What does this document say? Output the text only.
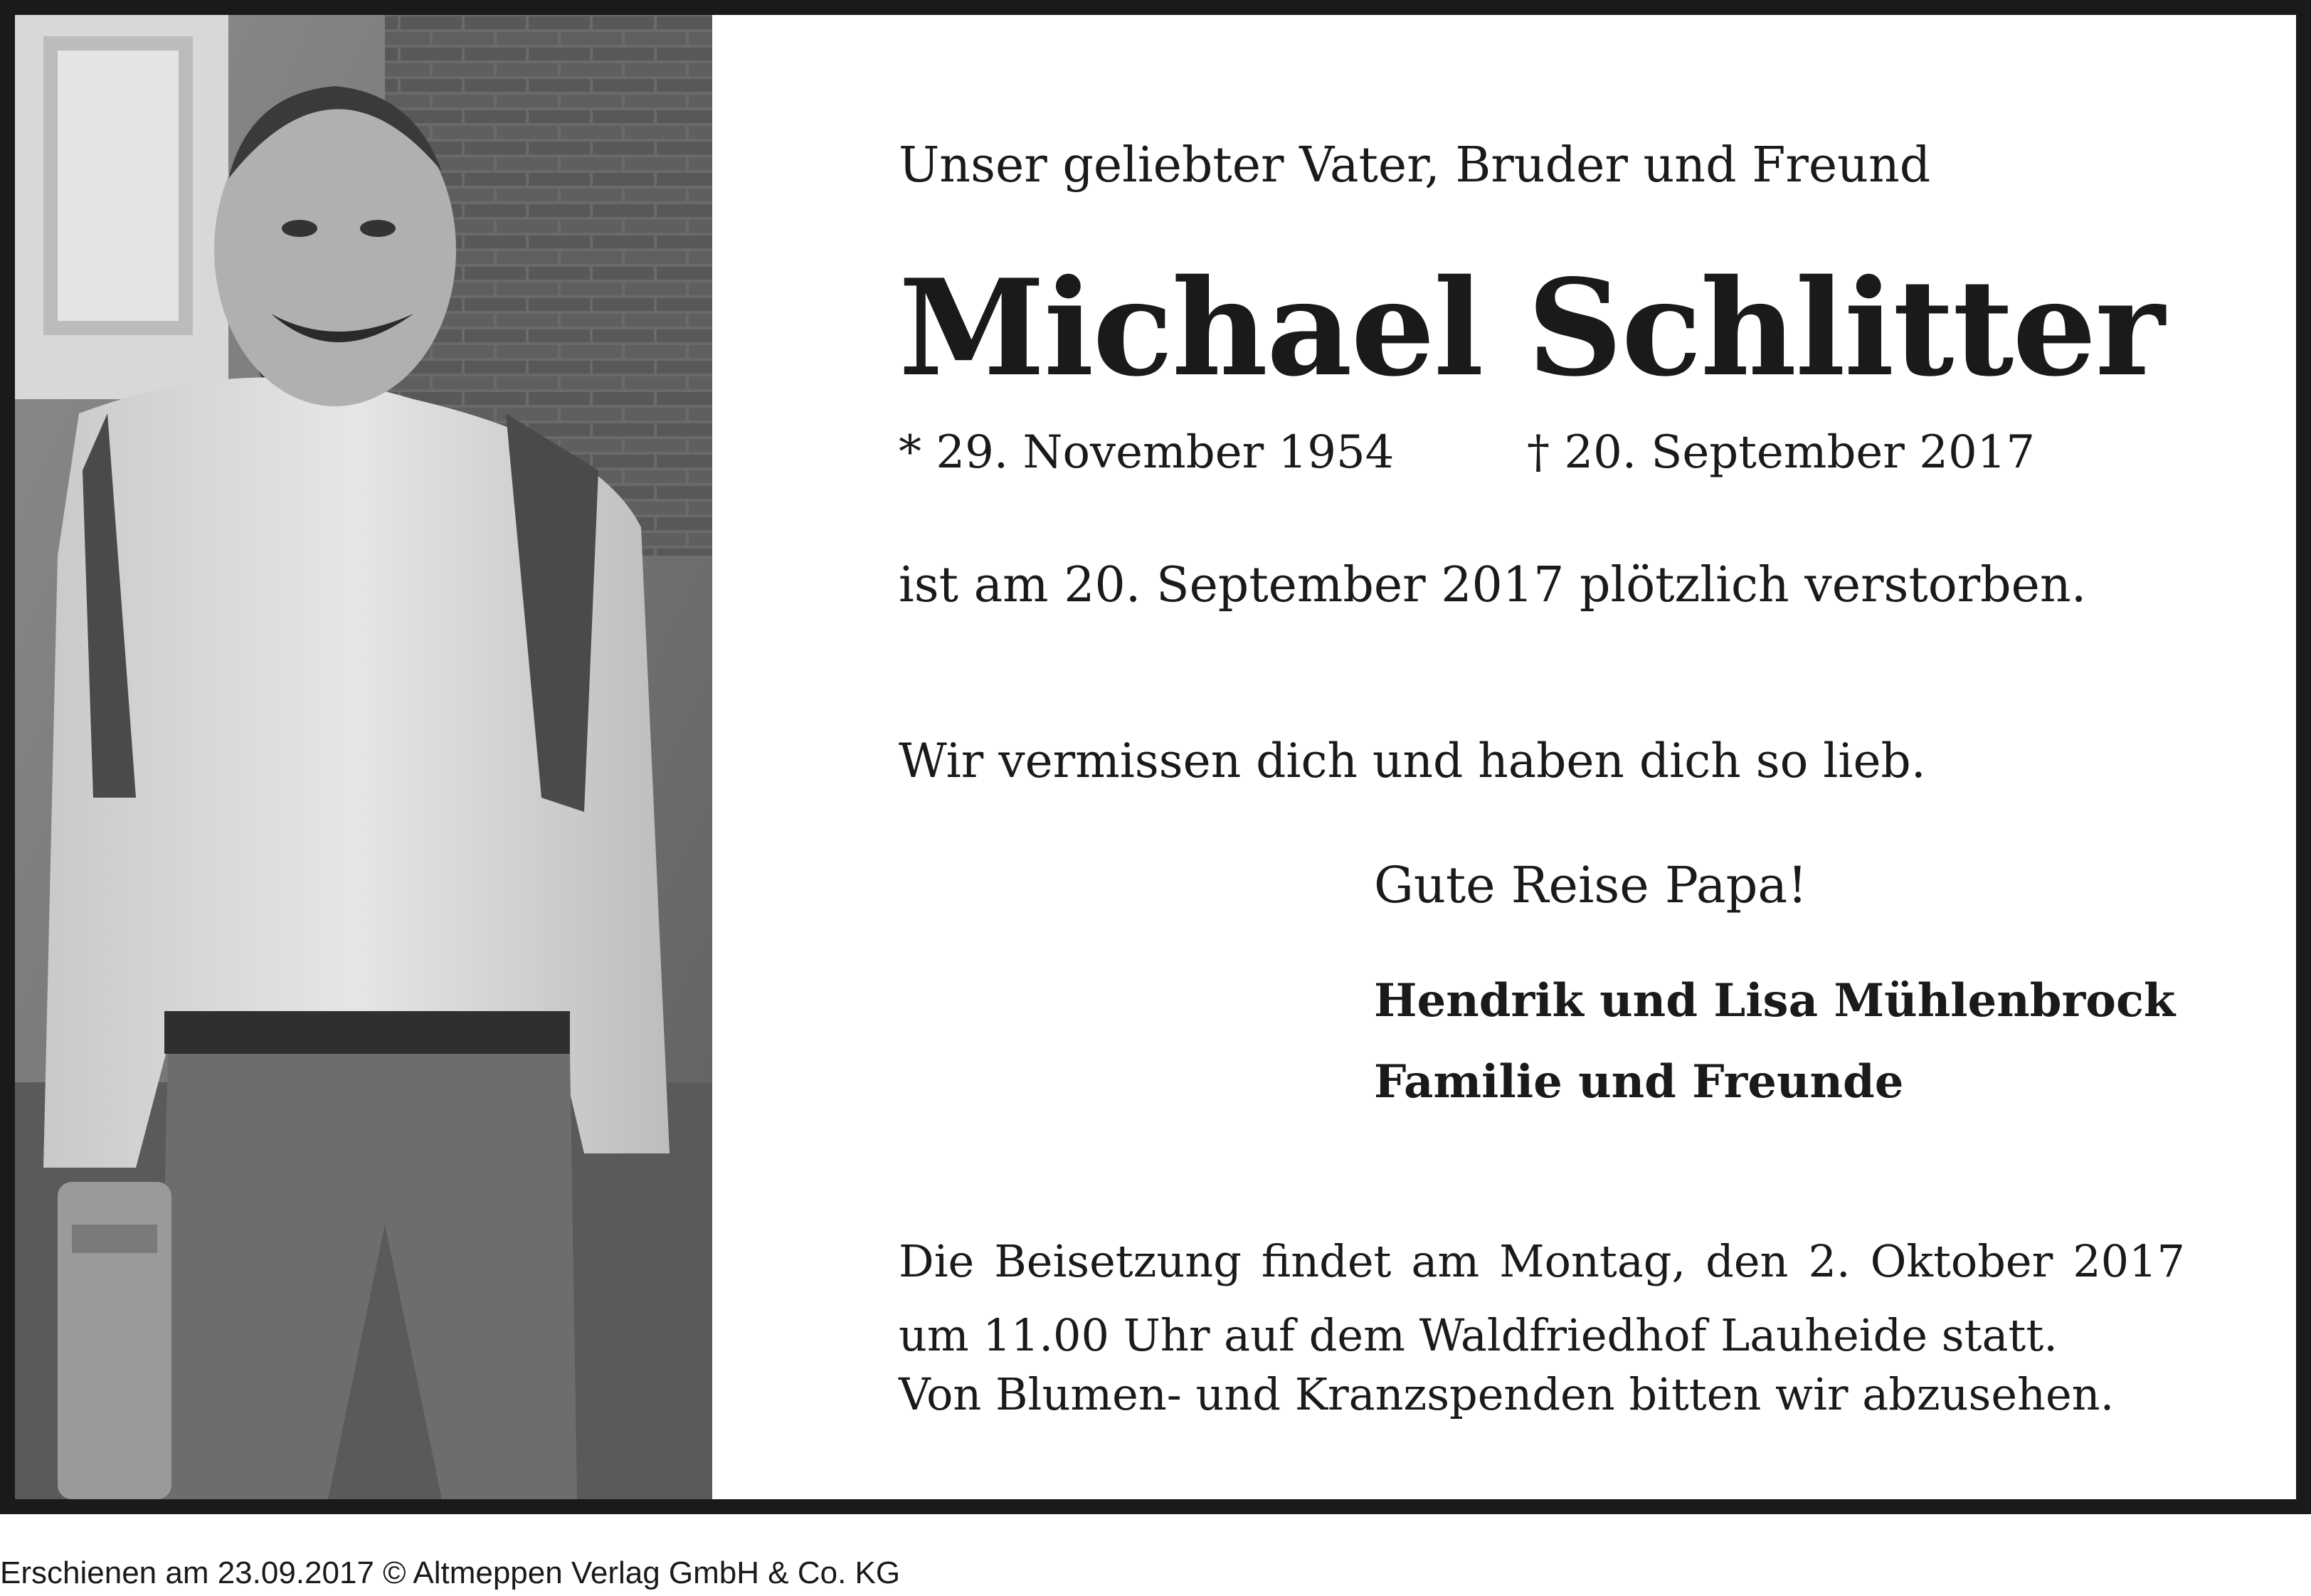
Unser geliebter Vater, Bruder und Freund
Michael Schlitter
* 29. November 1954	† 20. September 2017
ist am 20. September 2017 plötzlich verstorben.
Wir vermissen dich und haben dich so lieb.
Gute Reise Papa!
Hendrik und Lisa Mühlenbrock
Familie und Freunde
Die Beisetzung findet am Montag, den 2. Oktober 2017
um 11.00 Uhr auf dem Waldfriedhof Lauheide statt.
Von Blumen- und Kranzspenden bitten wir abzusehen.
Erschienen am 23.09.2017 © Altmeppen Verlag GmbH & Co. KG
